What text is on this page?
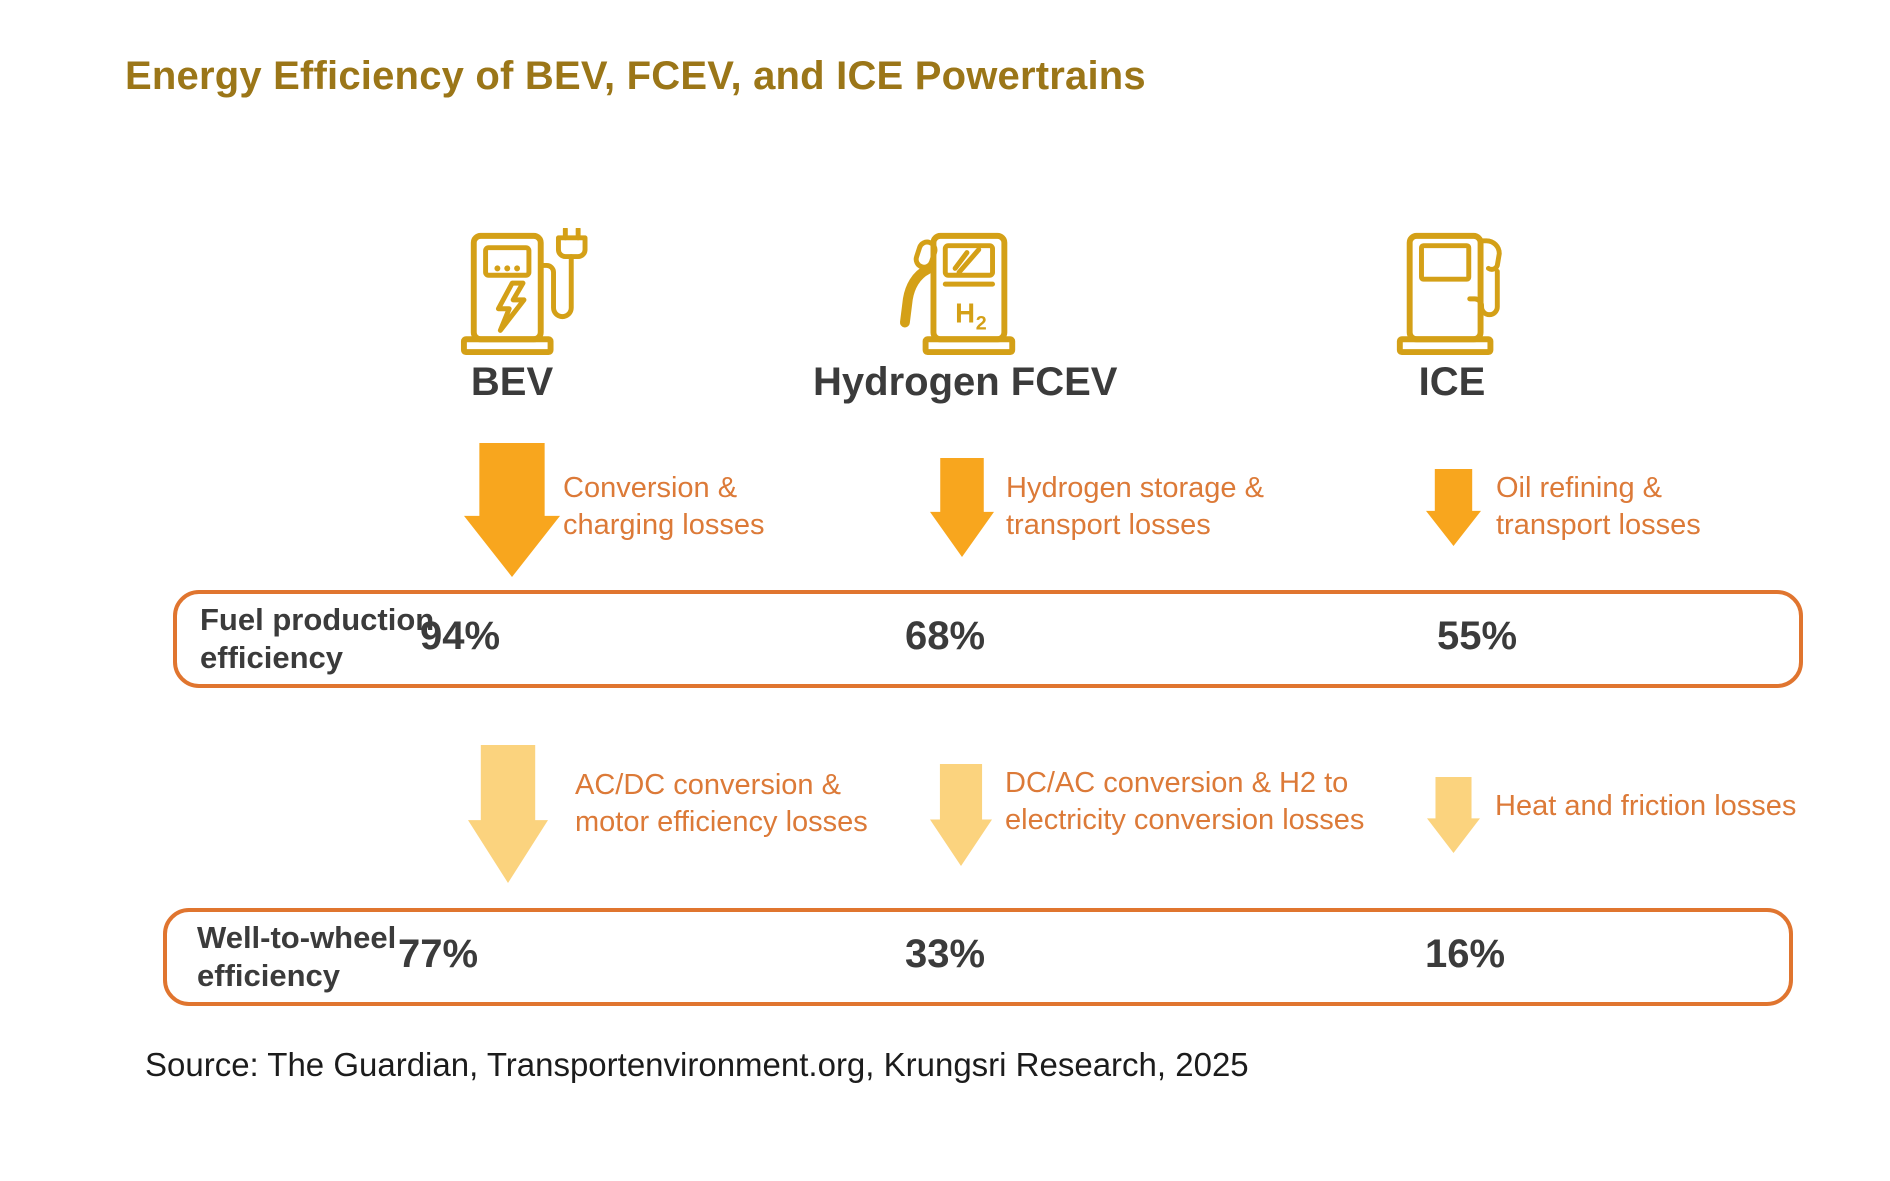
Energy Efficiency of BEV, FCEV, and ICE Powertrains
H 2
BEV	Hydrogen FCEV	ICE
Conversion &
charging losses
Hydrogen storage &
transport losses
Oil refining &
transport losses
Fuel production
efficiency	94%	68%	55%
AC/DC conversion &
motor efficiency losses
DC/AC conversion & H2 to
electricity conversion losses	Heat and friction losses
Well-to-wheel
efficiency	77%	33%	16%
Source: The Guardian, Transportenvironment.org, Krungsri Research, 2025
